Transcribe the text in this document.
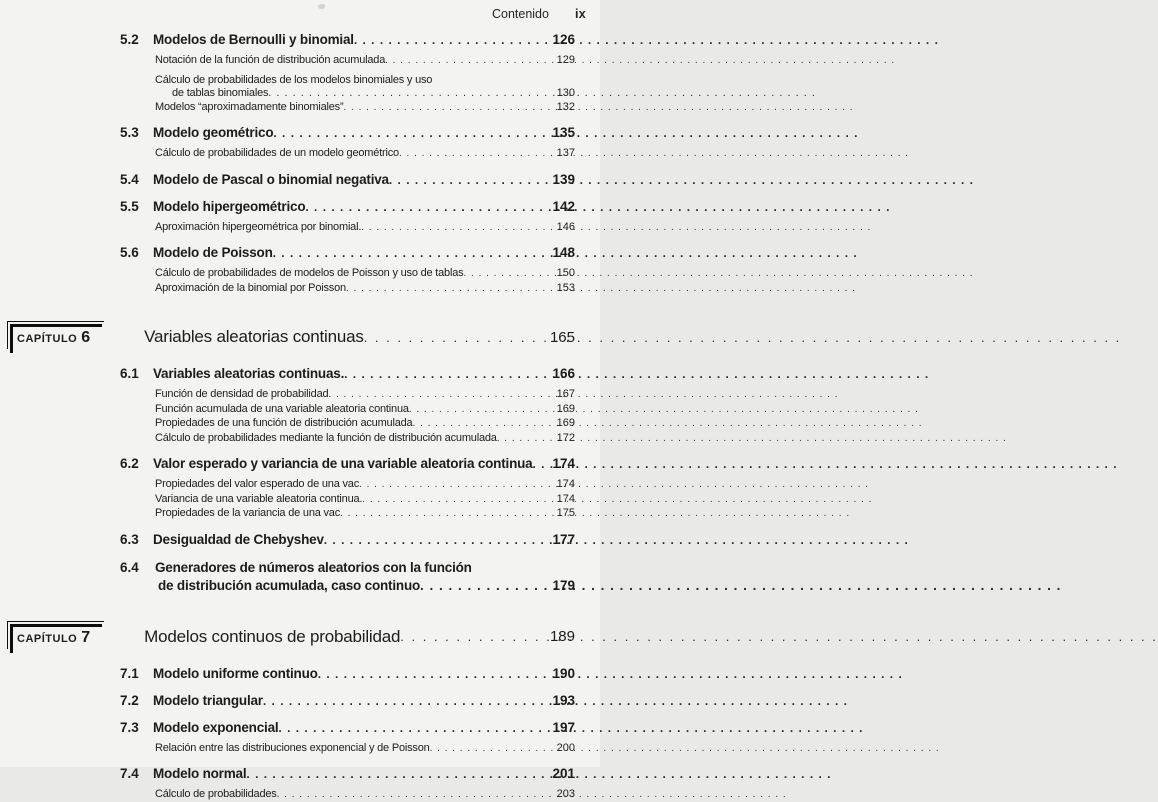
Contenido ix
5.2	Modelos de Bernoulli y binomial . . .	126
Notación de la función de distribución acumulada . . .	129
Cálculo de probabilidades de los modelos binomiales y uso
de tablas binomiales . . .	130
Modelos “aproximadamente binomiales” . . .	132
5.3	Modelo geométrico . . .	135
Cálculo de probabilidades de un modelo geométrico . . .	137
5.4	Modelo de Pascal o binomial negativa . . .	139
5.5	Modelo hipergeométrico . . .	142
Aproximación hipergeométrica por binomial. . . .	146
5.6	Modelo de Poisson . . .	148
Cálculo de probabilidades de modelos de Poisson y uso de tablas . . .	150
Aproximación de la binomial por Poisson . . .	153
CAPÍTULO 6	Variables aleatorias continuas . . .	165
6.1	Variables aleatorias continuas. . . .	166
Función de densidad de probabilidad . . .	167
Función acumulada de una variable aleatoria continua . . .	169
Propiedades de una función de distribución acumulada . . .	169
Cálculo de probabilidades mediante la función de distribución acumulada . . .	172
6.2	Valor esperado y variancia de una variable aleatoria continua . . . 174
Propiedades del valor esperado de una vac . . .	174
Variancia de una variable aleatoria continua. . . .	174
Propiedades de la variancia de una vac . . .	175
6.3	Desigualdad de Chebyshev . . .	177
6.4	Generadores de números aleatorios con la función
de distribución acumulada, caso continuo . . .	179
CAPÍTULO 7	Modelos continuos de probabilidad . . .	189
7.1	Modelo uniforme continuo . . .	190
7.2	Modelo triangular . . .	193
7.3	Modelo exponencial . . .	197
Relación entre las distribuciones exponencial y de Poisson . . .	200
7.4	Modelo normal . . .	201
Cálculo de probabilidades . . .	203
